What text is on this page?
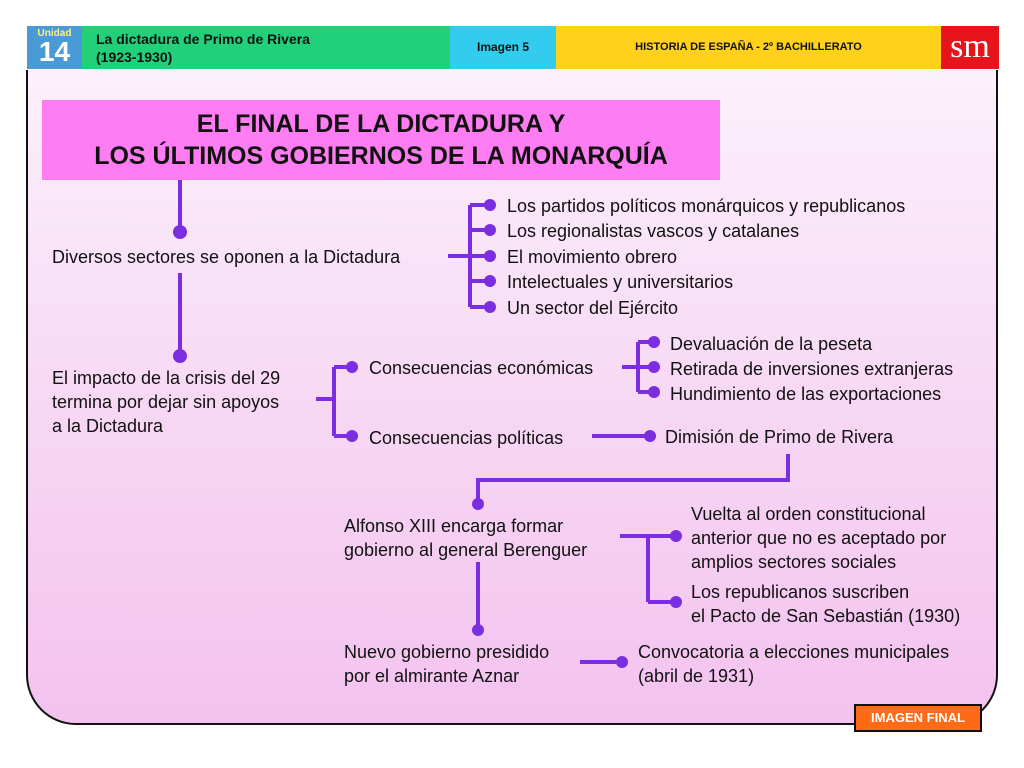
Unidad
14	La dictadura de Primo de Rivera
(1923-1930)
Imagen 5	HISTORIA DE ESPAÑA - 2º BACHILLERATO	sm
EL FINAL DE LA DICTADURA Y
LOS ÚLTIMOS GOBIERNOS DE LA MONARQUÍA
Diversos sectores se oponen a la Dictadura
Los partidos políticos monárquicos y republicanos
Los regionalistas vascos y catalanes
El movimiento obrero
Intelectuales y universitarios
Un sector del Ejército
El impacto de la crisis del 29
termina por dejar sin apoyos
a la Dictadura
Consecuencias económicas
Devaluación de la peseta
Retirada de inversiones extranjeras
Hundimiento de las exportaciones
Consecuencias políticas	Dimisión de Primo de Rivera
Alfonso XIII encarga formar
gobierno al general Berenguer
Vuelta al orden constitucional
anterior que no es aceptado por
amplios sectores sociales
Los republicanos suscriben
el Pacto de San Sebastián (1930)
Nuevo gobierno presidido
por el almirante Aznar
Convocatoria a elecciones municipales
(abril de 1931)
IMAGEN FINAL
